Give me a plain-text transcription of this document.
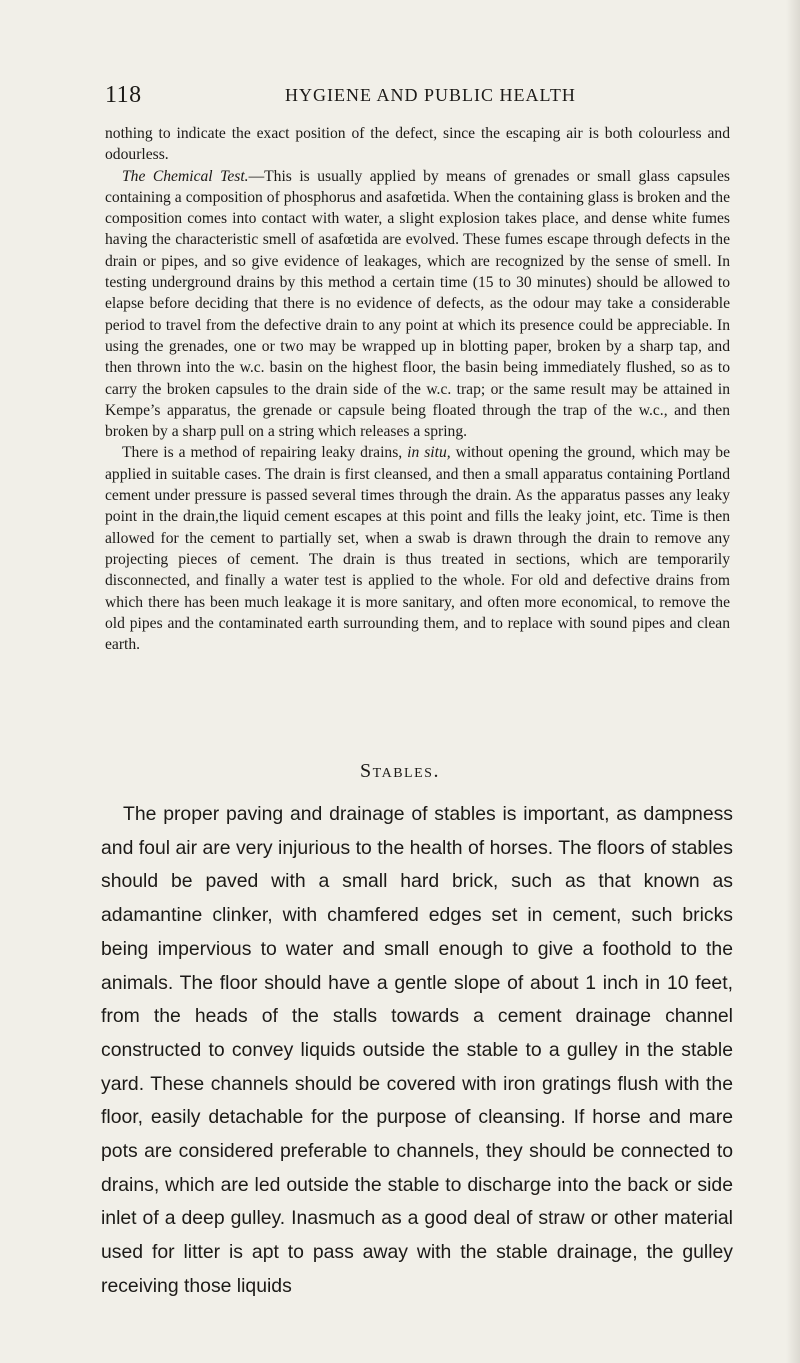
118	HYGIENE AND PUBLIC HEALTH

nothing to indicate the exact position of the defect, since the escaping air is both colourless and odourless.

The Chemical Test.—This is usually applied by means of grenades or small glass capsules containing a composition of phosphorus and asafœtida. When the containing glass is broken and the composition comes into contact with water, a slight explosion takes place, and dense white fumes having the characteristic smell of asafœtida are evolved. These fumes escape through defects in the drain or pipes, and so give evidence of leakages, which are recognized by the sense of smell. In testing underground drains by this method a certain time (15 to 30 minutes) should be allowed to elapse before deciding that there is no evidence of defects, as the odour may take a considerable period to travel from the defective drain to any point at which its presence could be appreciable. In using the grenades, one or two may be wrapped up in blotting paper, broken by a sharp tap, and then thrown into the w.c. basin on the highest floor, the basin being immediately flushed, so as to carry the broken capsules to the drain side of the w.c. trap; or the same result may be attained in Kempe’s apparatus, the grenade or capsule being floated through the trap of the w.c., and then broken by a sharp pull on a string which releases a spring.

There is a method of repairing leaky drains, in situ, without opening the ground, which may be applied in suitable cases. The drain is first cleansed, and then a small apparatus containing Portland cement under pressure is passed several times through the drain. As the apparatus passes any leaky point in the drain,the liquid cement escapes at this point and fills the leaky joint, etc. Time is then allowed for the cement to partially set, when a swab is drawn through the drain to remove any projecting pieces of cement. The drain is thus treated in sections, which are temporarily disconnected, and finally a water test is applied to the whole. For old and defective drains from which there has been much leakage it is more sanitary, and often more economical, to remove the old pipes and the contaminated earth surrounding them, and to replace with sound pipes and clean earth.

Stables.

The proper paving and drainage of stables is important, as dampness and foul air are very injurious to the health of horses. The floors of stables should be paved with a small hard brick, such as that known as adamantine clinker, with chamfered edges set in cement, such bricks being impervious to water and small enough to give a foothold to the animals. The floor should have a gentle slope of about 1 inch in 10 feet, from the heads of the stalls towards a cement drainage channel constructed to convey liquids outside the stable to a gulley in the stable yard. These channels should be covered with iron gratings flush with the floor, easily detachable for the purpose of cleansing. If horse and mare pots are considered preferable to channels, they should be connected to drains, which are led outside the stable to discharge into the back or side inlet of a deep gulley. Inasmuch as a good deal of straw or other material used for litter is apt to pass away with the stable drainage, the gulley receiving those liquids
